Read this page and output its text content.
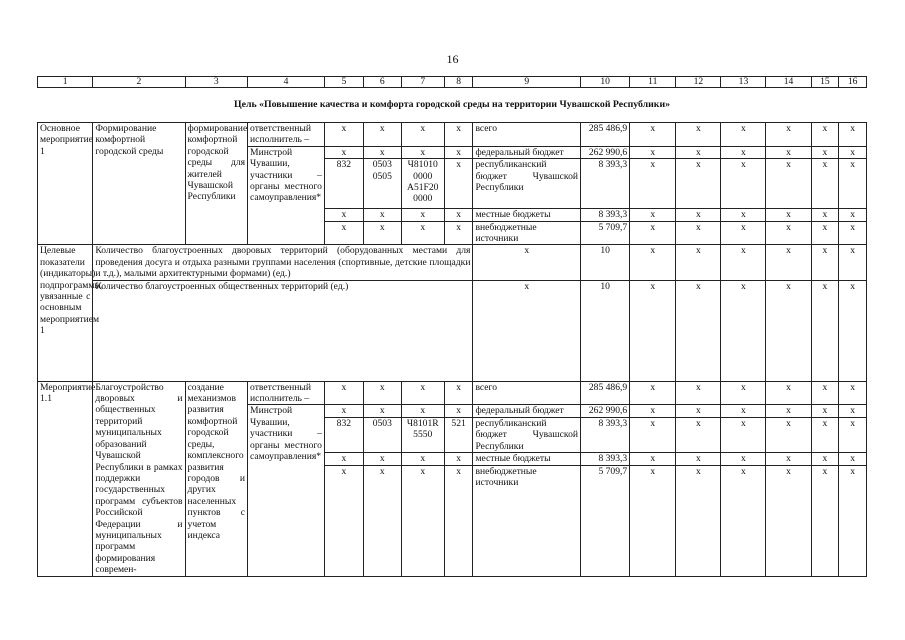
16
1	2	3	4	5	6	7	8	9	10	11	12	13	14	15	16
Цель «Повышение качества и комфорта городской среды на территории Чувашской Республики»															
Основное мероприятие 1	Формирование комфортной городской среды	формирование комфортной городской среды для жителей Чувашской Республики	ответственный исполнитель –	x	x	x	x	всего	285 486,9	x	x	x	x	x	x
			Минстрой Чувашии, участники – органы местного самоуправления*	x	x	x	x	федеральный бюджет	262 990,6	x	x	x	x	x	x
				832	0503
0505	Ч81010
0000
A51F20
0000	x	республиканский бюджет Чувашской Республики	8 393,3	x	x	x	x	x	x
				x	x	x	x	местные бюджеты	8 393,3	x	x	x	x	x	x
				x	x	x	x	внебюджетные источники	5 709,7	x	x	x	x	x	x
Целевые показатели (индикаторы) подпрограммы, увязанные с основным мероприятием 1	Количество благоустроенных дворовых территорий (оборудованных местами для проведения досуга и отдыха разными группами населения (спортивные, детские площадки и т.д.), малыми архитектурными формами) (ед.)							x	10	x	x	x	x	x	x
	Количество благоустроенных общественных территорий (ед.)							x	10	x	x	x	x	x	x
Мероприятие 1.1	Благоустройство дворовых и общественных территорий муниципальных образований Чувашской Республики в рамках поддержки государственных программ субъектов Российской Федерации и муниципальных программ формирования современ-	создание механизмов развития комфортной городской среды, комплексного развития городов и других населенных пунктов с учетом индекса	ответственный исполнитель –	x	x	x	x	всего	285 486,9	x	x	x	x	x	x
			Минстрой Чувашии, участники – органы местного самоуправления*	x	x	x	x	федеральный бюджет	262 990,6	x	x	x	x	x	x
				832	0503	Ч8101R
5550	521	республиканский бюджет Чувашской Республики	8 393,3	x	x	x	x	x	x
				x	x	x	x	местные бюджеты	8 393,3	x	x	x	x	x	x
				x	x	x	x	внебюджетные источники	5 709,7	x	x	x	x	x	x
